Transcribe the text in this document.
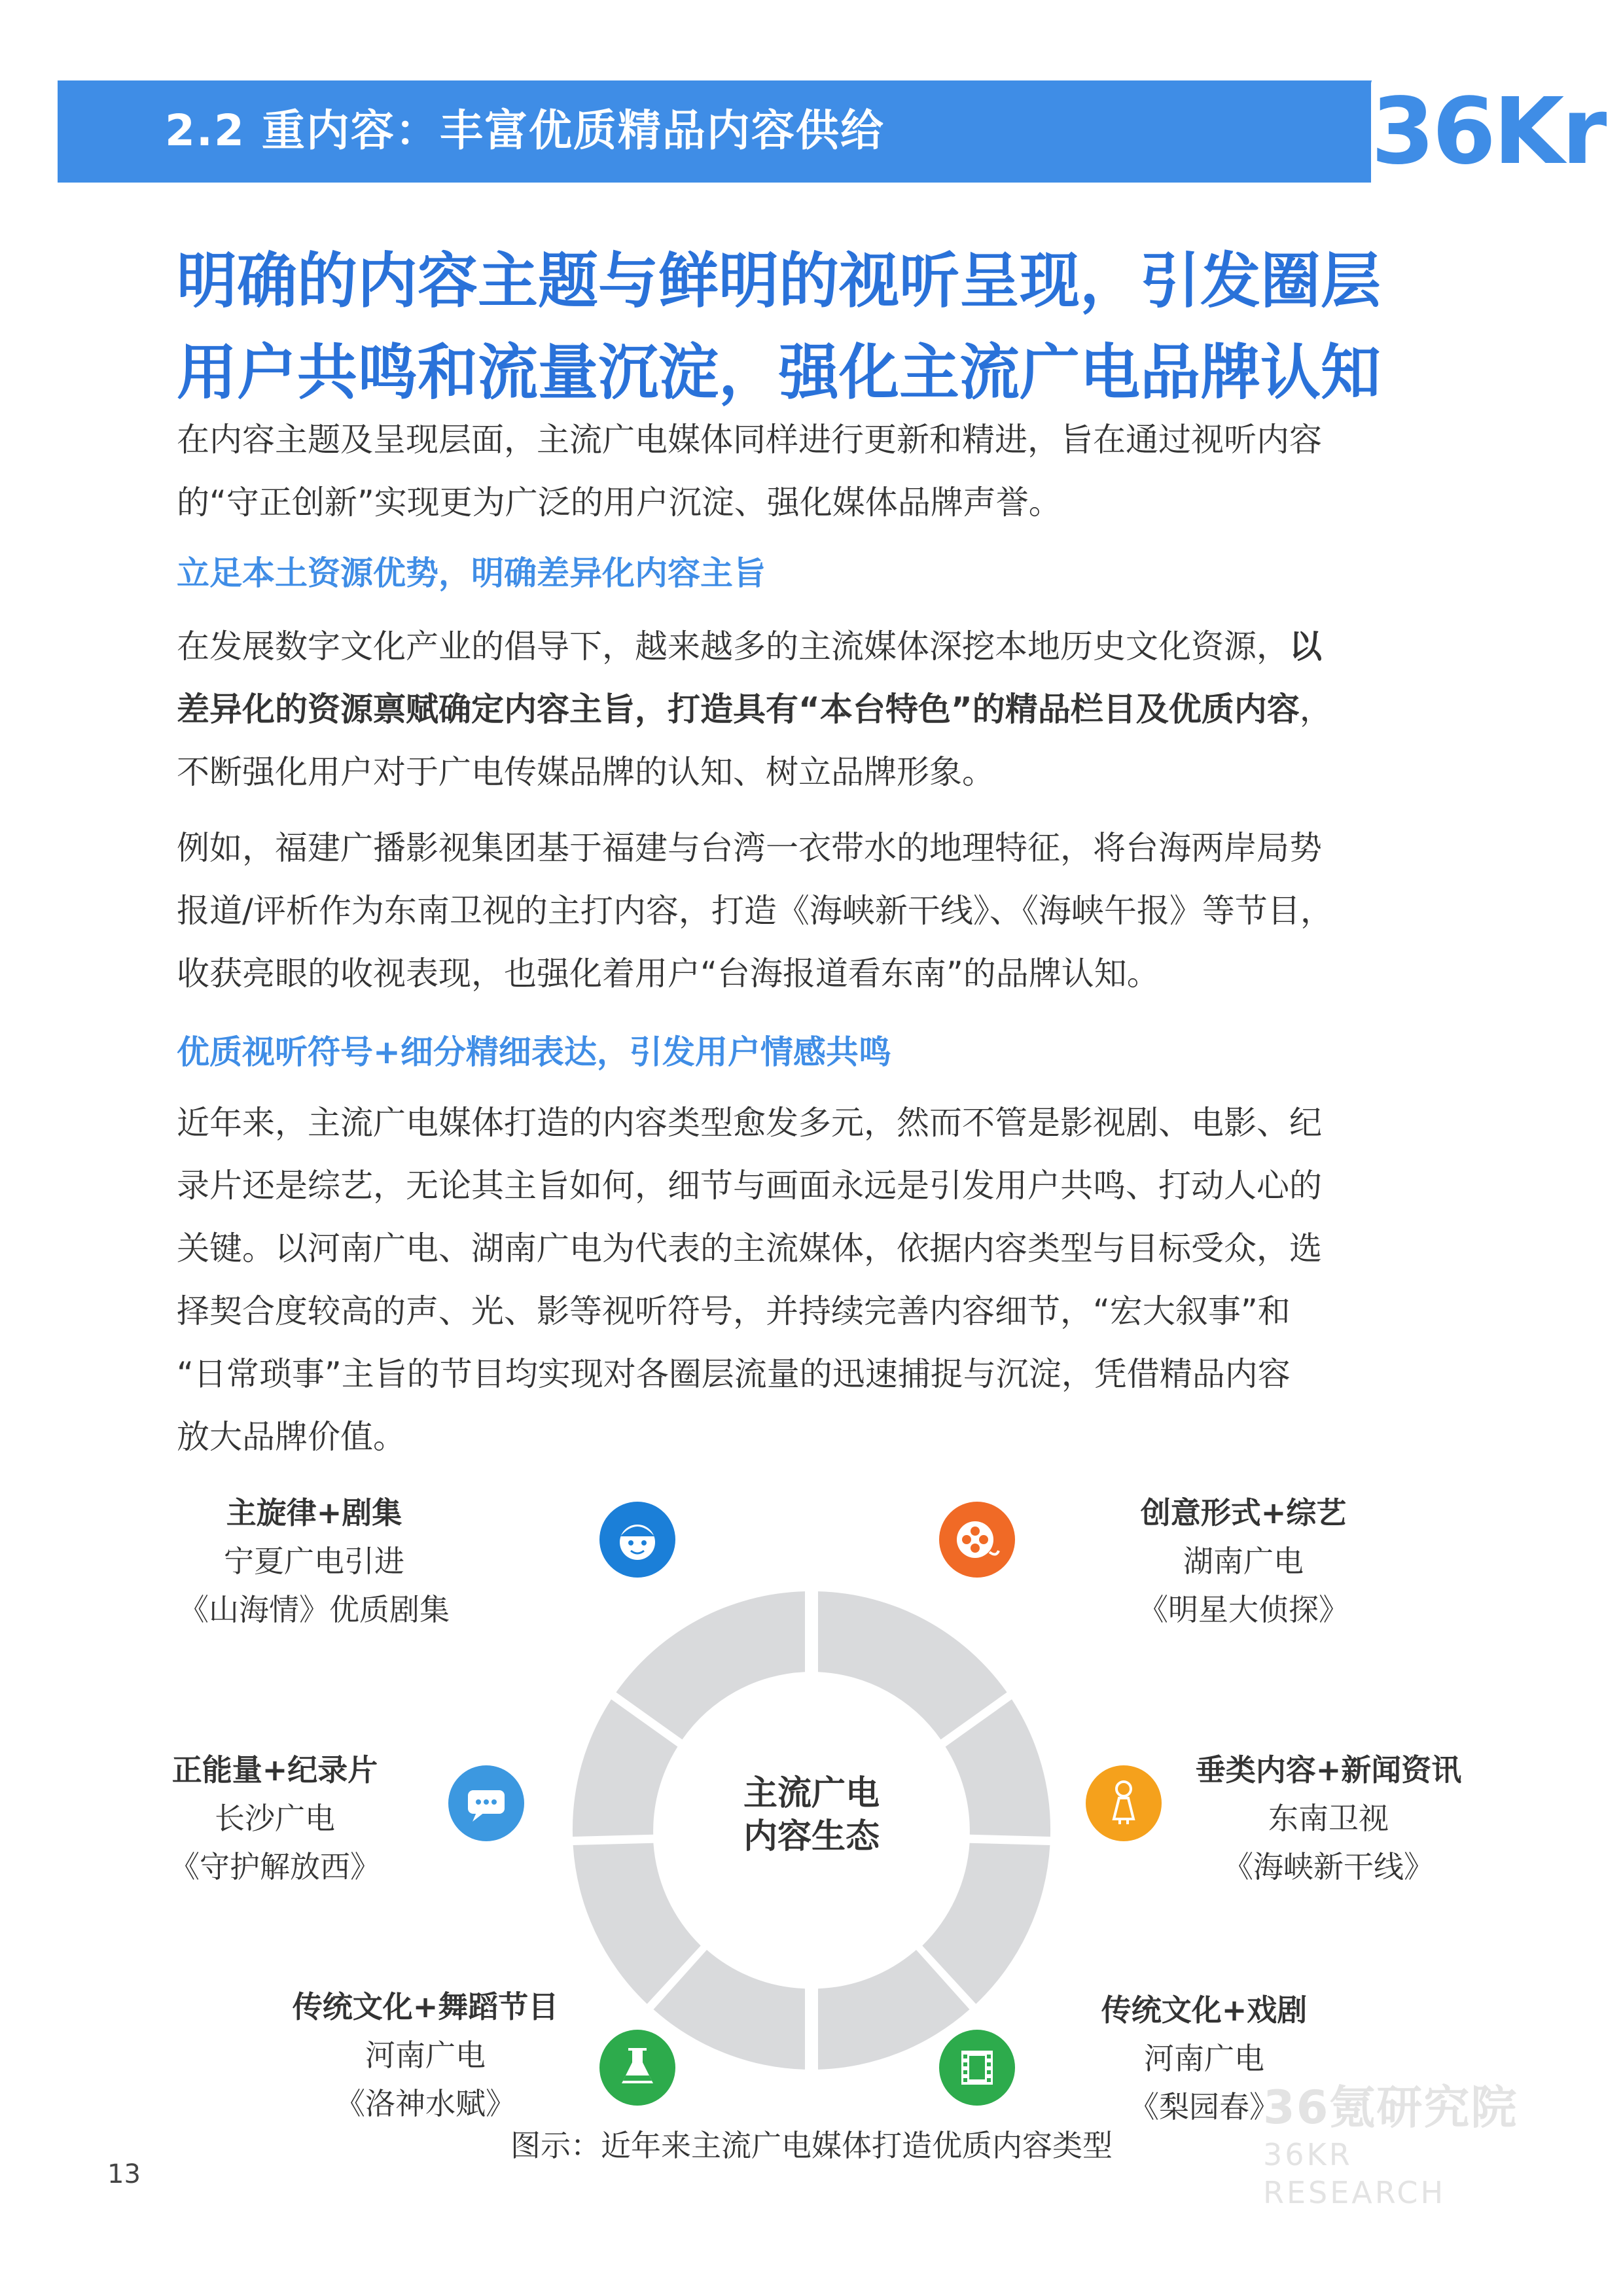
2.2 重内容：丰富优质精品内容供给	36Kr
明确的内容主题与鲜明的视听呈现，引发圈层
用户共鸣和流量沉淀，强化主流广电品牌认知
在内容主题及呈现层面，主流广电媒体同样进行更新和精进，旨在通过视听内容
的“守正创新”实现更为广泛的用户沉淀、强化媒体品牌声誉。
立足本土资源优势，明确差异化内容主旨
在发展数字文化产业的倡导下，越来越多的主流媒体深挖本地历史文化资源，以
差异化的资源禀赋确定内容主旨，打造具有“本台特色”的精品栏目及优质内容，
不断强化用户对于广电传媒品牌的认知、树立品牌形象。
例如，福建广播影视集团基于福建与台湾一衣带水的地理特征，将台海两岸局势
报道/评析作为东南卫视的主打内容，打造《海峡新干线》、《海峡午报》等节目，
收获亮眼的收视表现，也强化着用户“台海报道看东南”的品牌认知。
优质视听符号+细分精细表达，引发用户情感共鸣
近年来，主流广电媒体打造的内容类型愈发多元，然而不管是影视剧、电影、纪
录片还是综艺，无论其主旨如何，细节与画面永远是引发用户共鸣、打动人心的
关键。以河南广电、湖南广电为代表的主流媒体，依据内容类型与目标受众，选
择契合度较高的声、光、影等视听符号，并持续完善内容细节，“宏大叙事”和
“日常琐事”主旨的节目均实现对各圈层流量的迅速捕捉与沉淀，凭借精品内容
放大品牌价值。
主流广电
内容生态
主旋律+剧集
宁夏广电引进
《山海情》优质剧集
创意形式+综艺
湖南广电
《明星大侦探》
正能量+纪录片
长沙广电
《守护解放西》
垂类内容+新闻资讯
东南卫视
《海峡新干线》
传统文化+舞蹈节目
河南广电
《洛神水赋》
传统文化+戏剧
河南广电
《梨园春》
36氪研究院
36KR RESEARCH
图示：近年来主流广电媒体打造优质内容类型
13
